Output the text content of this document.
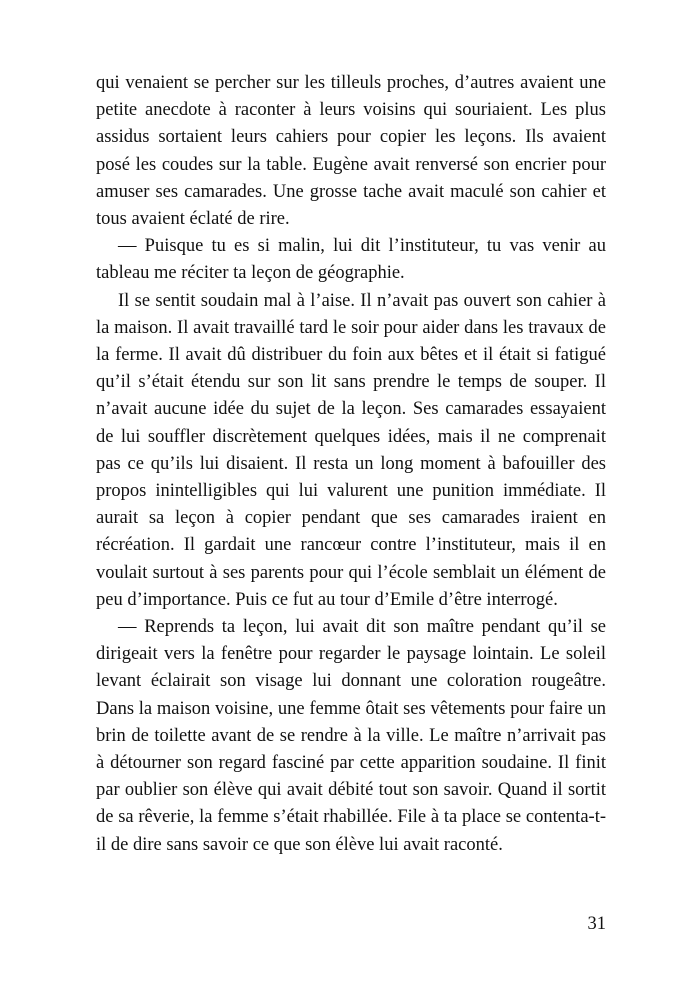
qui venaient se percher sur les tilleuls proches, d’autres avaient une petite anecdote à raconter à leurs voisins qui souriaient. Les plus assidus sortaient leurs cahiers pour copier les leçons. Ils avaient posé les coudes sur la table. Eugène avait renversé son encrier pour amuser ses camarades. Une grosse tache avait maculé son cahier et tous avaient éclaté de rire.

— Puisque tu es si malin, lui dit l’instituteur, tu vas venir au tableau me réciter ta leçon de géographie.

Il se sentit soudain mal à l’aise. Il n’avait pas ouvert son cahier à la maison. Il avait travaillé tard le soir pour aider dans les travaux de la ferme. Il avait dû distribuer du foin aux bêtes et il était si fatigué qu’il s’était étendu sur son lit sans prendre le temps de souper. Il n’avait aucune idée du sujet de la leçon. Ses camarades essayaient de lui souffler discrètement quelques idées, mais il ne comprenait pas ce qu’ils lui disaient. Il resta un long moment à bafouiller des propos inintelligibles qui lui valurent une punition immédiate. Il aurait sa leçon à copier pendant que ses camarades iraient en récréation. Il gardait une rancœur contre l’instituteur, mais il en voulait surtout à ses parents pour qui l’école semblait un élément de peu d’importance. Puis ce fut au tour d’Emile d’être interrogé.

— Reprends ta leçon, lui avait dit son maître pendant qu’il se dirigeait vers la fenêtre pour regarder le paysage lointain. Le soleil levant éclairait son visage lui donnant une coloration rougeâtre. Dans la maison voisine, une femme ôtait ses vêtements pour faire un brin de toilette avant de se rendre à la ville. Le maître n’arrivait pas à détourner son regard fasciné par cette apparition soudaine. Il finit par oublier son élève qui avait débité tout son savoir. Quand il sortit de sa rêverie, la femme s’était rhabillée. File à ta place se contenta-t-il de dire sans savoir ce que son élève lui avait raconté.

31
